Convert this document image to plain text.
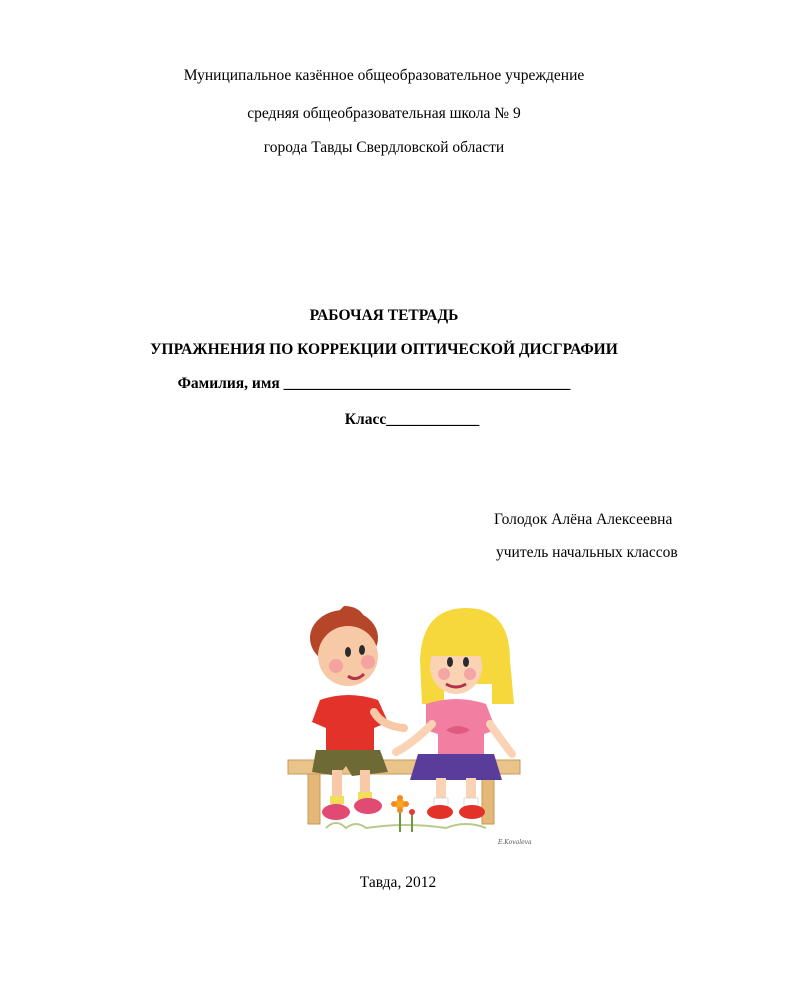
Муниципальное казённое общеобразовательное учреждение
средняя общеобразовательная школа № 9
города Тавды Свердловской области
РАБОЧАЯ ТЕТРАДЬ
УПРАЖНЕНИЯ ПО КОРРЕКЦИИ ОПТИЧЕСКОЙ ДИСГРАФИИ
Фамилия, имя _____________________________________
Класс____________
Голодок Алёна Алексеевна
учитель начальных классов
E.Kovaleva
Тавда, 2012
